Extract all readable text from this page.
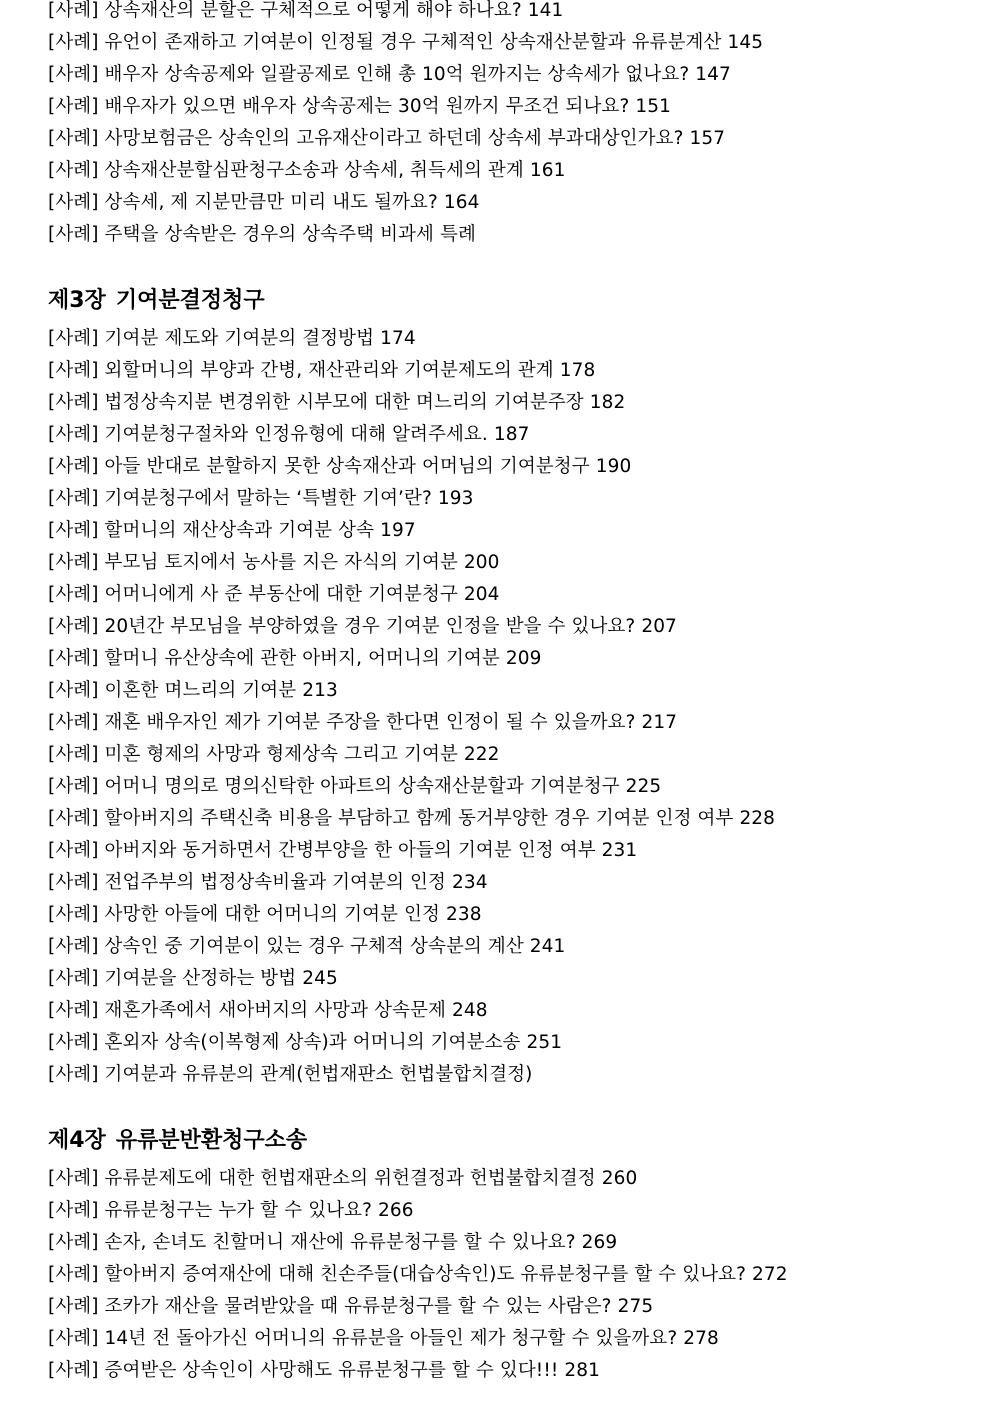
[사례] 상속재산의 분할은 구체적으로 어떻게 해야 하나요? 141
[사례] 유언이 존재하고 기여분이 인정될 경우 구체적인 상속재산분할과 유류분계산 145
[사례] 배우자 상속공제와 일괄공제로 인해 총 10억 원까지는 상속세가 없나요? 147
[사례] 배우자가 있으면 배우자 상속공제는 30억 원까지 무조건 되나요? 151
[사례] 사망보험금은 상속인의 고유재산이라고 하던데 상속세 부과대상인가요? 157
[사례] 상속재산분할심판청구소송과 상속세, 취득세의 관계 161
[사례] 상속세, 제 지분만큼만 미리 내도 될까요? 164
[사례] 주택을 상속받은 경우의 상속주택 비과세 특례
제3장 기여분결정청구
[사례] 기여분 제도와 기여분의 결정방법 174
[사례] 외할머니의 부양과 간병, 재산관리와 기여분제도의 관계 178
[사례] 법정상속지분 변경위한 시부모에 대한 며느리의 기여분주장 182
[사례] 기여분청구절차와 인정유형에 대해 알려주세요. 187
[사례] 아들 반대로 분할하지 못한 상속재산과 어머님의 기여분청구 190
[사례] 기여분청구에서 말하는 ‘특별한 기여’란? 193
[사례] 할머니의 재산상속과 기여분 상속 197
[사례] 부모님 토지에서 농사를 지은 자식의 기여분 200
[사례] 어머니에게 사 준 부동산에 대한 기여분청구 204
[사례] 20년간 부모님을 부양하였을 경우 기여분 인정을 받을 수 있나요? 207
[사례] 할머니 유산상속에 관한 아버지, 어머니의 기여분 209
[사례] 이혼한 며느리의 기여분 213
[사례] 재혼 배우자인 제가 기여분 주장을 한다면 인정이 될 수 있을까요? 217
[사례] 미혼 형제의 사망과 형제상속 그리고 기여분 222
[사례] 어머니 명의로 명의신탁한 아파트의 상속재산분할과 기여분청구 225
[사례] 할아버지의 주택신축 비용을 부담하고 함께 동거부양한 경우 기여분 인정 여부 228
[사례] 아버지와 동거하면서 간병부양을 한 아들의 기여분 인정 여부 231
[사례] 전업주부의 법정상속비율과 기여분의 인정 234
[사례] 사망한 아들에 대한 어머니의 기여분 인정 238
[사례] 상속인 중 기여분이 있는 경우 구체적 상속분의 계산 241
[사례] 기여분을 산정하는 방법 245
[사례] 재혼가족에서 새아버지의 사망과 상속문제 248
[사례] 혼외자 상속(이복형제 상속)과 어머니의 기여분소송 251
[사례] 기여분과 유류분의 관계(헌법재판소 헌법불합치결정)
제4장 유류분반환청구소송
[사례] 유류분제도에 대한 헌법재판소의 위헌결정과 헌법불합치결정 260
[사례] 유류분청구는 누가 할 수 있나요? 266
[사례] 손자, 손녀도 친할머니 재산에 유류분청구를 할 수 있나요? 269
[사례] 할아버지 증여재산에 대해 친손주들(대습상속인)도 유류분청구를 할 수 있나요? 272
[사례] 조카가 재산을 물려받았을 때 유류분청구를 할 수 있는 사람은? 275
[사례] 14년 전 돌아가신 어머니의 유류분을 아들인 제가 청구할 수 있을까요? 278
[사례] 증여받은 상속인이 사망해도 유류분청구를 할 수 있다!!! 281
